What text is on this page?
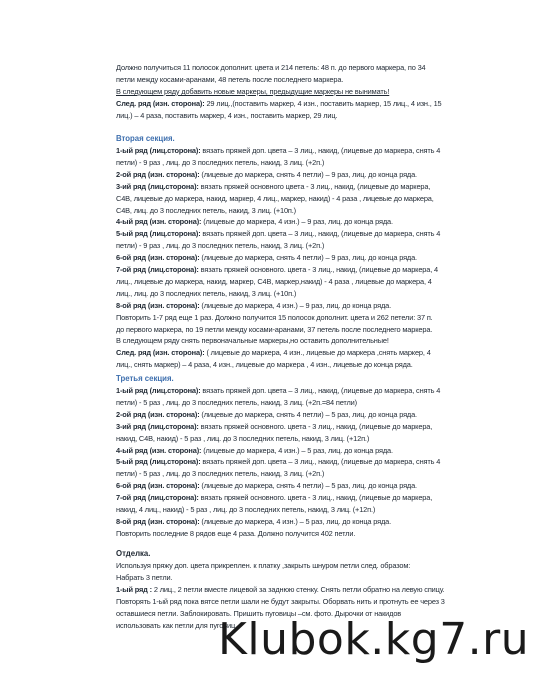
Должно получиться 11 полосок дополнит. цвета и 214 петель: 48 п. до первого маркера, по 34
петли между косами-аранами, 48 петель после последнего маркера.
В следующем ряду добавить новые маркеры, предыдущие маркеры не вынимать!
След. ряд (изн. сторона): 29 лиц.,(поставить маркер, 4 изн., поставить маркер, 15 лиц., 4 изн., 15
лиц.) – 4 раза, поставить маркер, 4 изн., поставить маркер, 29 лиц.
Вторая секция.
1-ый ряд (лиц.сторона): вязать пряжей доп. цвета – 3 лиц., накид, (лицевые до маркера, снять 4
петли) - 9 раз , лиц. до 3 последних петель, накид, 3 лиц. (+2п.)
2-ой ряд (изн. сторона): (лицевые до маркера, снять 4 петли) – 9 раз, лиц. до конца ряда.
3-ий ряд (лиц.сторона): вязать пряжей основного цвета - 3 лиц., накид, (лицевые до маркера,
C4B, лицевые до маркера, накид, маркер, 4 лиц., маркер, накид) - 4 раза , лицевые до маркера,
C4B, лиц. до 3 последних петель, накид, 3 лиц. (+10п.)
4-ый ряд (изн. сторона): (лицевые до маркера, 4 изн.) – 9 раз, лиц. до конца ряда.
5-ый ряд (лиц.сторона): вязать пряжей доп. цвета – 3 лиц., накид, (лицевые до маркера, снять 4
петли) - 9 раз , лиц. до 3 последних петель, накид, 3 лиц. (+2п.)
6-ой ряд (изн. сторона): (лицевые до маркера, снять 4 петли) – 9 раз, лиц. до конца ряда.
7-ой ряд (лиц.сторона): вязать пряжей основного. цвета - 3 лиц., накид, (лицевые до маркера, 4
лиц., лицевые до маркера, накид, маркер, C4B, маркер,накид) - 4 раза , лицевые до маркера, 4
лиц., лиц. до 3 последних петель, накид, 3 лиц. (+10п.)
8-ой ряд (изн. сторона): (лицевые до маркера, 4 изн.) – 9 раз, лиц. до конца ряда.
Повторить 1-7 ряд еще 1 раз. Должно получится 15 полосок дополнит. цвета и 262 петели: 37 п.
до первого маркера, по 19 петли между косами-аранами, 37 петель после последнего маркера.
В следующем ряду снять первоначальные маркеры,но оставить дополнительные!
След. ряд (изн. сторона): ( лицевые до маркера, 4 изн., лицевые до маркера ,снять маркер, 4
лиц., снять маркер) – 4 раза, 4 изн., лицевые до маркера , 4 изн., лицевые до конца ряда.
Третья секция.
1-ый ряд (лиц.сторона): вязать пряжей доп. цвета – 3 лиц., накид, (лицевые до маркера, снять 4
петли) - 5 раз , лиц. до 3 последних петель, накид, 3 лиц. (+2п.=84 петли)
2-ой ряд (изн. сторона): (лицевые до маркера, снять 4 петли) – 5 раз, лиц. до конца ряда.
3-ий ряд (лиц.сторона): вязать пряжей основного. цвета - 3 лиц., накид, (лицевые до маркера,
накид, C4B, накид) - 5 раз , лиц. до 3 последних петель, накид, 3 лиц. (+12п.)
4-ый ряд (изн. сторона): (лицевые до маркера, 4 изн.) – 5 раз, лиц. до конца ряда.
5-ый ряд (лиц.сторона): вязать пряжей доп. цвета – 3 лиц., накид, (лицевые до маркера, снять 4
петли) - 5 раз , лиц. до 3 последних петель, накид, 3 лиц. (+2п.)
6-ой ряд (изн. сторона): (лицевые до маркера, снять 4 петли) – 5 раз, лиц. до конца ряда.
7-ой ряд (лиц.сторона): вязать пряжей основного. цвета - 3 лиц., накид, (лицевые до маркера,
накид, 4 лиц., накид) - 5 раз , лиц. до 3 последних петель, накид, 3 лиц. (+12п.)
8-ой ряд (изн. сторона): (лицевые до маркера, 4 изн.) – 5 раз, лиц. до конца ряда.
Повторить последние 8 рядов еще 4 раза. Должно получится 402 петли.
Отделка.
Используя пряжу доп. цвета прикреплен. к платку ,закрыть шнуром петли след. образом:
Набрать 3 петли.
1-ый ряд : 2 лиц., 2 петли вместе лицевой за заднюю стенку. Снять петли обратно на левую спицу.
Повторять 1-ый ряд пока вятсе петли шали не будут закрыты. Оборвать нить и протнуть ее через 3
оставшиеся петли. Заблокировать. Пришить пуговицы –см. фото. Дырочки от накидов
использовать как петли для пуговиц.
Klubok.kg7.ru
